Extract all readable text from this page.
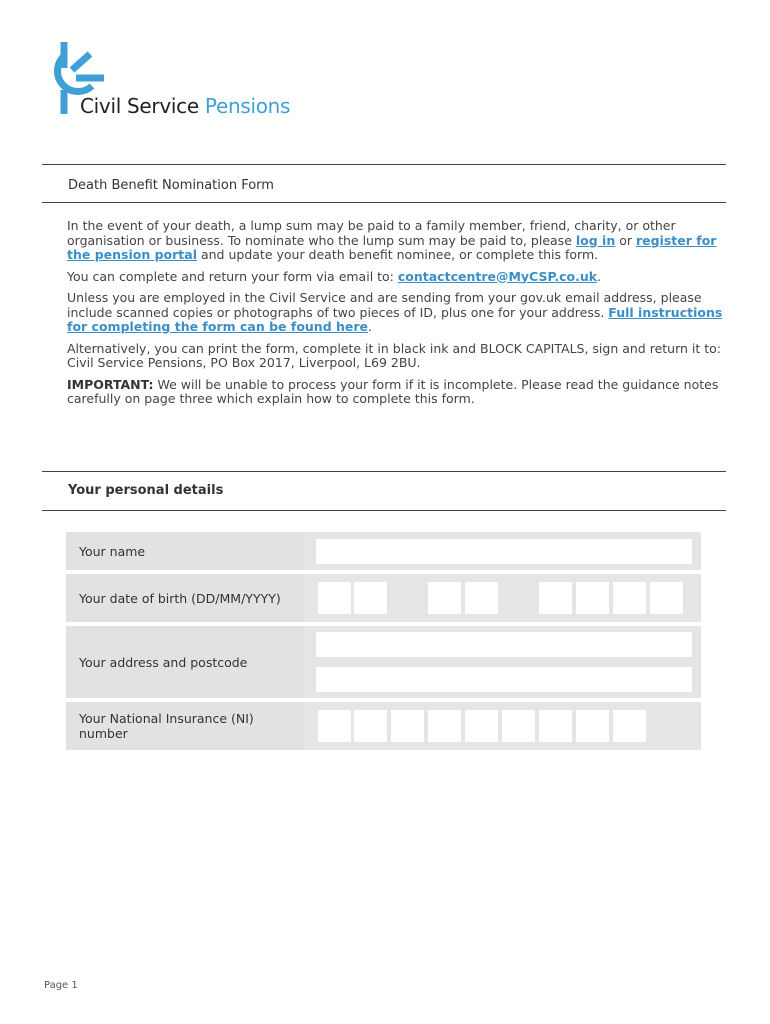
Civil Service Pensions
Death Benefit Nomination Form

In the event of your death, a lump sum may be paid to a family member, friend, charity, or other organisation or business. To nominate who the lump sum may be paid to, please log in or register for the pension portal and update your death benefit nominee, or complete this form.

You can complete and return your form via email to: contactcentre@MyCSP.co.uk.

Unless you are employed in the Civil Service and are sending from your gov.uk email address, please include scanned copies or photographs of two pieces of ID, plus one for your address. Full instructions for completing the form can be found here.

Alternatively, you can print the form, complete it in black ink and BLOCK CAPITALS, sign and return it to: Civil Service Pensions, PO Box 2017, Liverpool, L69 2BU.

IMPORTANT: We will be unable to process your form if it is incomplete. Please read the guidance notes carefully on page three which explain how to complete this form.

Your personal details
Your name
Your date of birth (DD/MM/YYYY)
Your address and postcode
Your National Insurance (NI) number
Page 1
